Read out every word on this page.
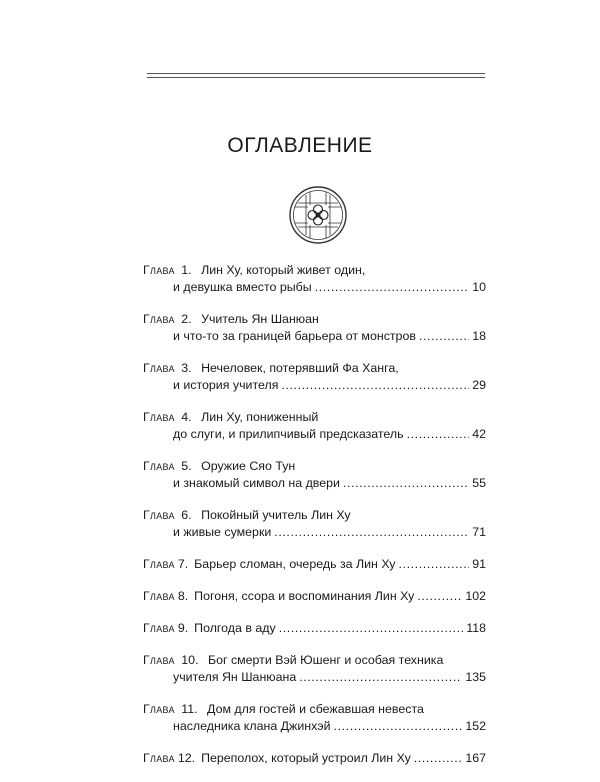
ОГЛАВЛЕНИЕ
Глава 1. Лин Ху, который живет один,
и девушка вместо рыбы .....	10
Глава 2. Учитель Ян Шанюан
и что-то за границей барьера от монстров .....	18
Глава 3. Нечеловек, потерявший Фа Ханга,
и история учителя .....	29
Глава 4. Лин Ху, пониженный
до слуги, и прилипчивый предсказатель .....	42
Глава 5. Оружие Сяо Тун
и знакомый символ на двери .....	55
Глава 6. Покойный учитель Лин Ху
и живые сумерки .....	71
Глава 7. Барьер сломан, очередь за Лин Ху .....	91
Глава 8. Погоня, ссора и воспоминания Лин Ху .....	102
Глава 9. Полгода в аду .....	118
Глава 10. Бог смерти Вэй Юшенг и особая техника
учителя Ян Шанюана .....	135
Глава 11. Дом для гостей и сбежавшая невеста
наследника клана Джинхэй .....	152
Глава 12. Переполох, который устроил Лин Ху .....	167
